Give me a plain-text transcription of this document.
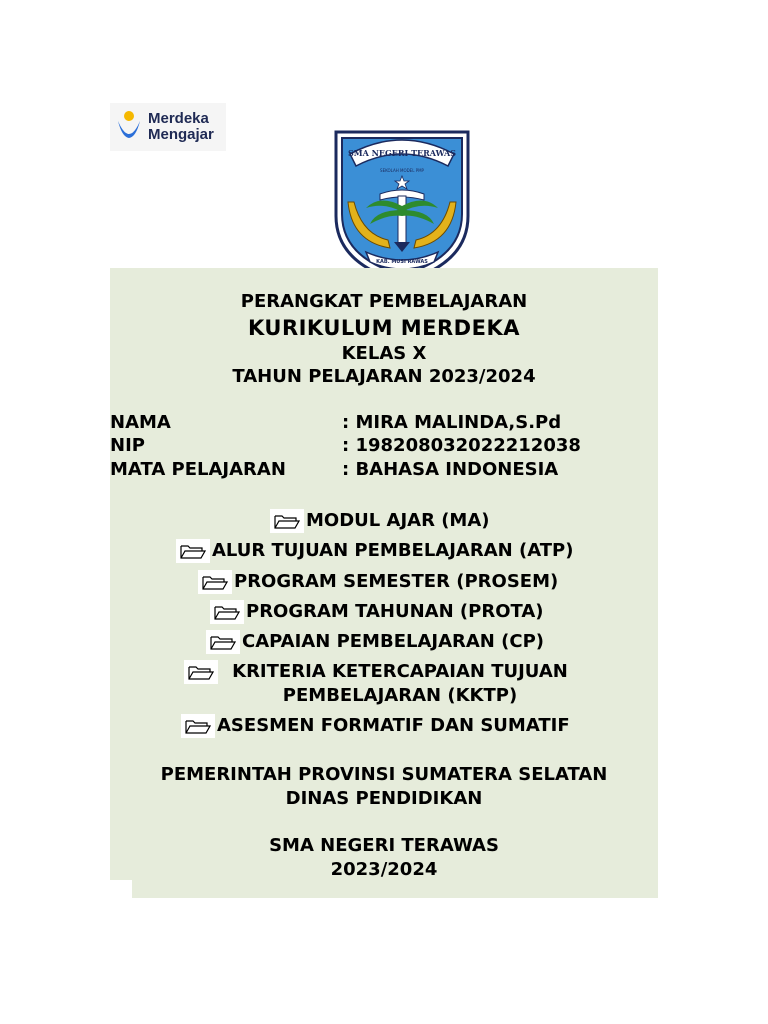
Merdeka
Mengajar
SMA NEGERI TERAWAS
SEKOLAH MODEL PMP
KAB. MUSI RAWAS
PERANGKAT PEMBELAJARAN
KURIKULUM MERDEKA
KELAS X
TAHUN PELAJARAN 2023/2024
NAMA	: MIRA MALINDA,S.Pd
NIP	: 198208032022212038
MATA PELAJARAN	: BAHASA INDONESIA
MODUL AJAR (MA)
ALUR TUJUAN PEMBELAJARAN (ATP)
PROGRAM SEMESTER (PROSEM)
PROGRAM TAHUNAN (PROTA)
CAPAIAN PEMBELAJARAN (CP)
KRITERIA KETERCAPAIAN TUJUAN
PEMBELAJARAN (KKTP)
ASESMEN FORMATIF DAN SUMATIF
PEMERINTAH PROVINSI SUMATERA SELATAN
DINAS PENDIDIKAN
SMA NEGERI TERAWAS
2023/2024
